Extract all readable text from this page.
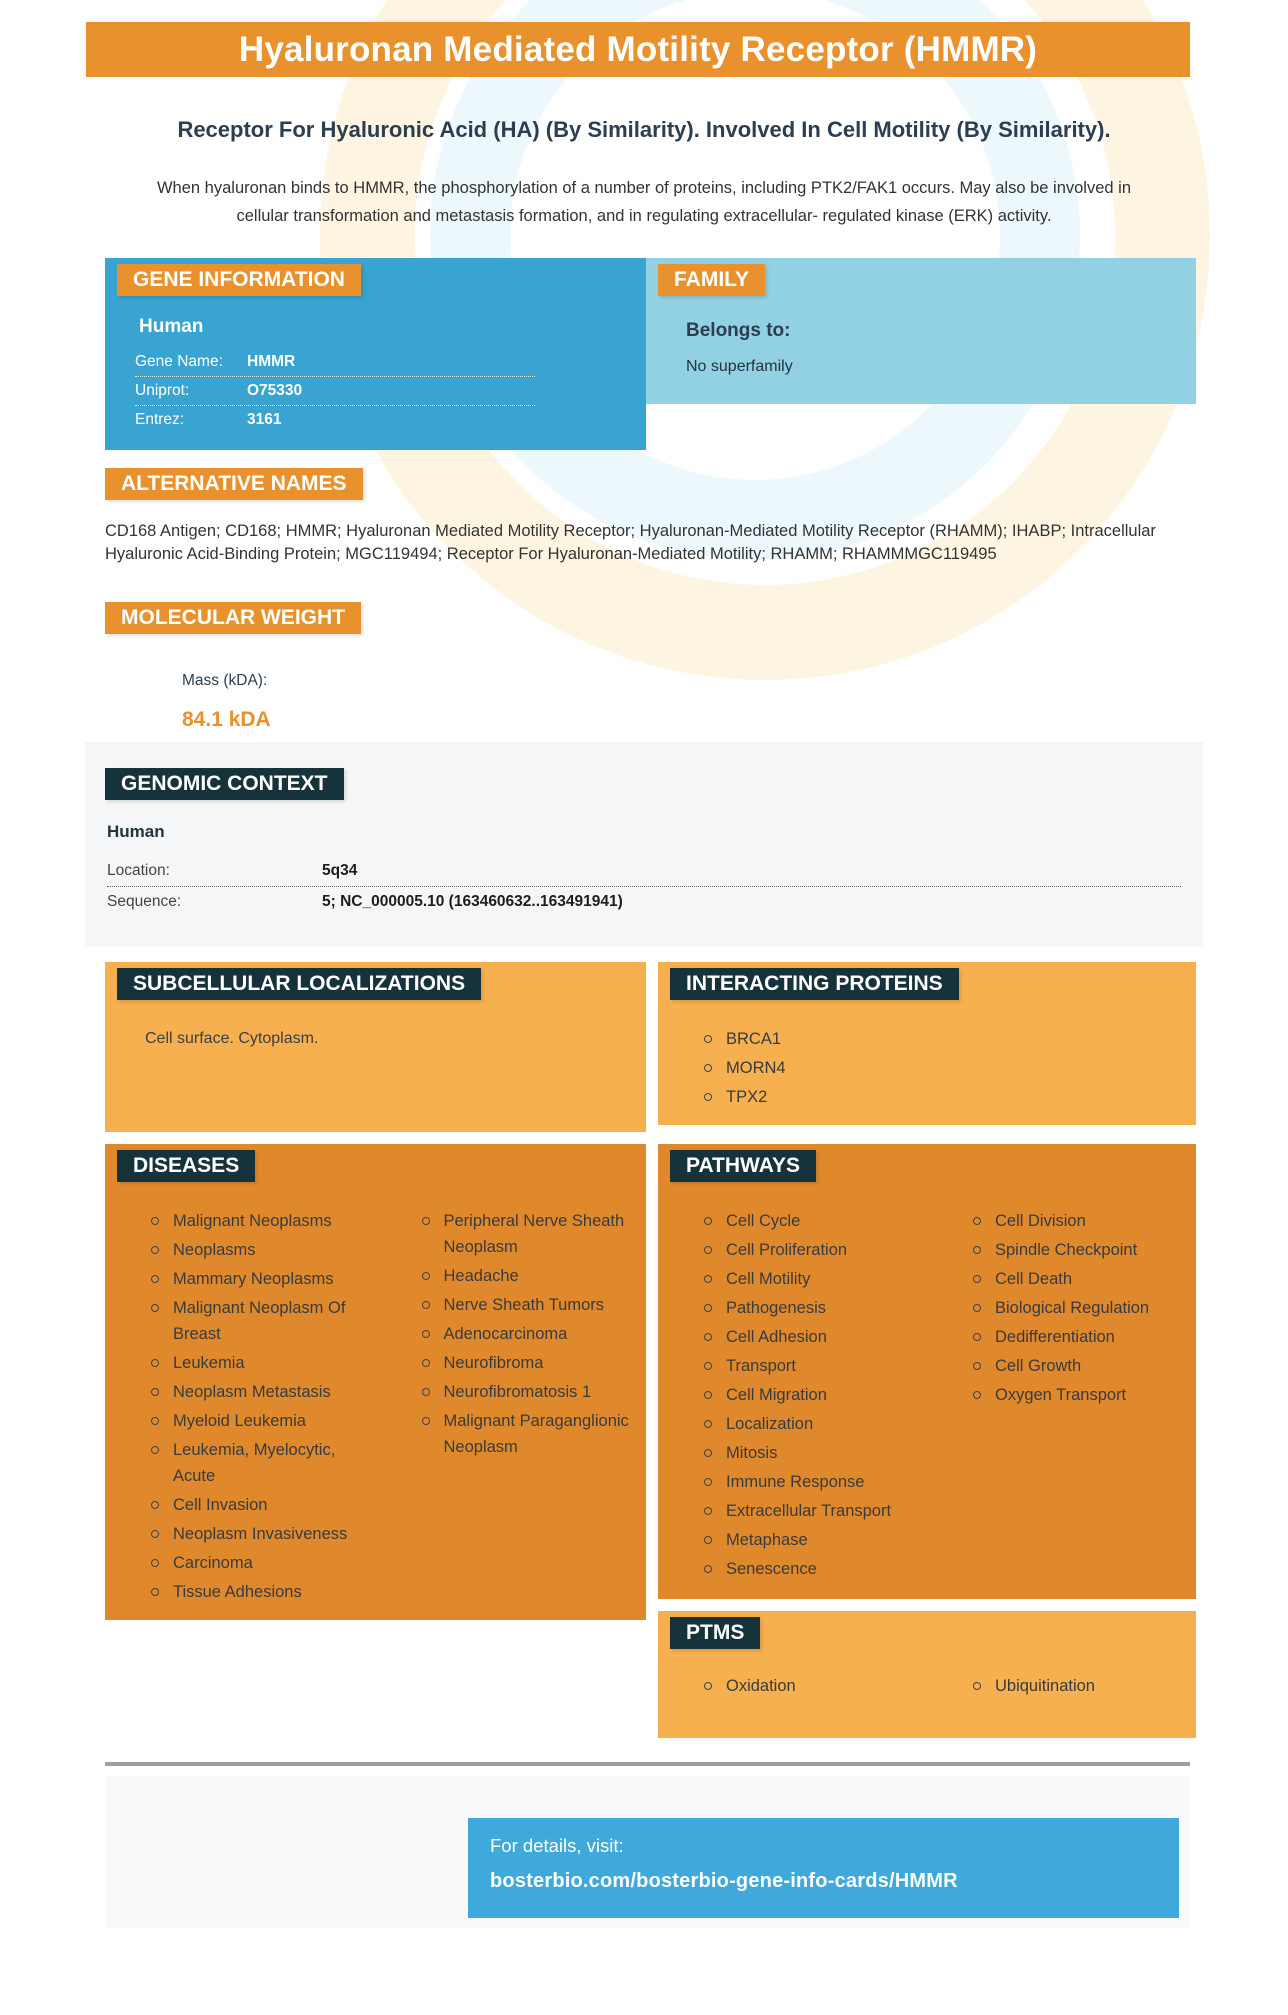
Hyaluronan Mediated Motility Receptor (HMMR)
Receptor For Hyaluronic Acid (HA) (By Similarity). Involved In Cell Motility (By Similarity).
When hyaluronan binds to HMMR, the phosphorylation of a number of proteins, including PTK2/FAK1 occurs. May also be involved in cellular transformation and metastasis formation, and in regulating extracellular- regulated kinase (ERK) activity.
GENE INFORMATION
Human
Gene Name:	HMMR
Uniprot:	O75330
Entrez:	3161
FAMILY
Belongs to:
No superfamily
ALTERNATIVE NAMES
CD168 Antigen; CD168; HMMR; Hyaluronan Mediated Motility Receptor; Hyaluronan-Mediated Motility Receptor (RHAMM); IHABP; Intracellular Hyaluronic Acid-Binding Protein; MGC119494; Receptor For Hyaluronan-Mediated Motility; RHAMM; RHAMMMGC119495
MOLECULAR WEIGHT
Mass (kDA):
84.1 kDA
GENOMIC CONTEXT
Human
Location:	5q34
Sequence:	5; NC_000005.10 (163460632..163491941)
SUBCELLULAR LOCALIZATIONS
Cell surface. Cytoplasm.
INTERACTING PROTEINS
BRCA1
MORN4
TPX2
DISEASES
Malignant Neoplasms
Neoplasms
Mammary Neoplasms
Malignant Neoplasm Of Breast
Leukemia
Neoplasm Metastasis
Myeloid Leukemia
Leukemia, Myelocytic, Acute
Cell Invasion
Neoplasm Invasiveness
Carcinoma
Tissue Adhesions
Peripheral Nerve Sheath Neoplasm
Headache
Nerve Sheath Tumors
Adenocarcinoma
Neurofibroma
Neurofibromatosis 1
Malignant Paraganglionic Neoplasm
PATHWAYS
Cell Cycle
Cell Proliferation
Cell Motility
Pathogenesis
Cell Adhesion
Transport
Cell Migration
Localization
Mitosis
Immune Response
Extracellular Transport
Metaphase
Senescence
Cell Division
Spindle Checkpoint
Cell Death
Biological Regulation
Dedifferentiation
Cell Growth
Oxygen Transport
PTMS
Oxidation	Ubiquitination
For details, visit:
bosterbio.com/bosterbio-gene-info-cards/HMMR
